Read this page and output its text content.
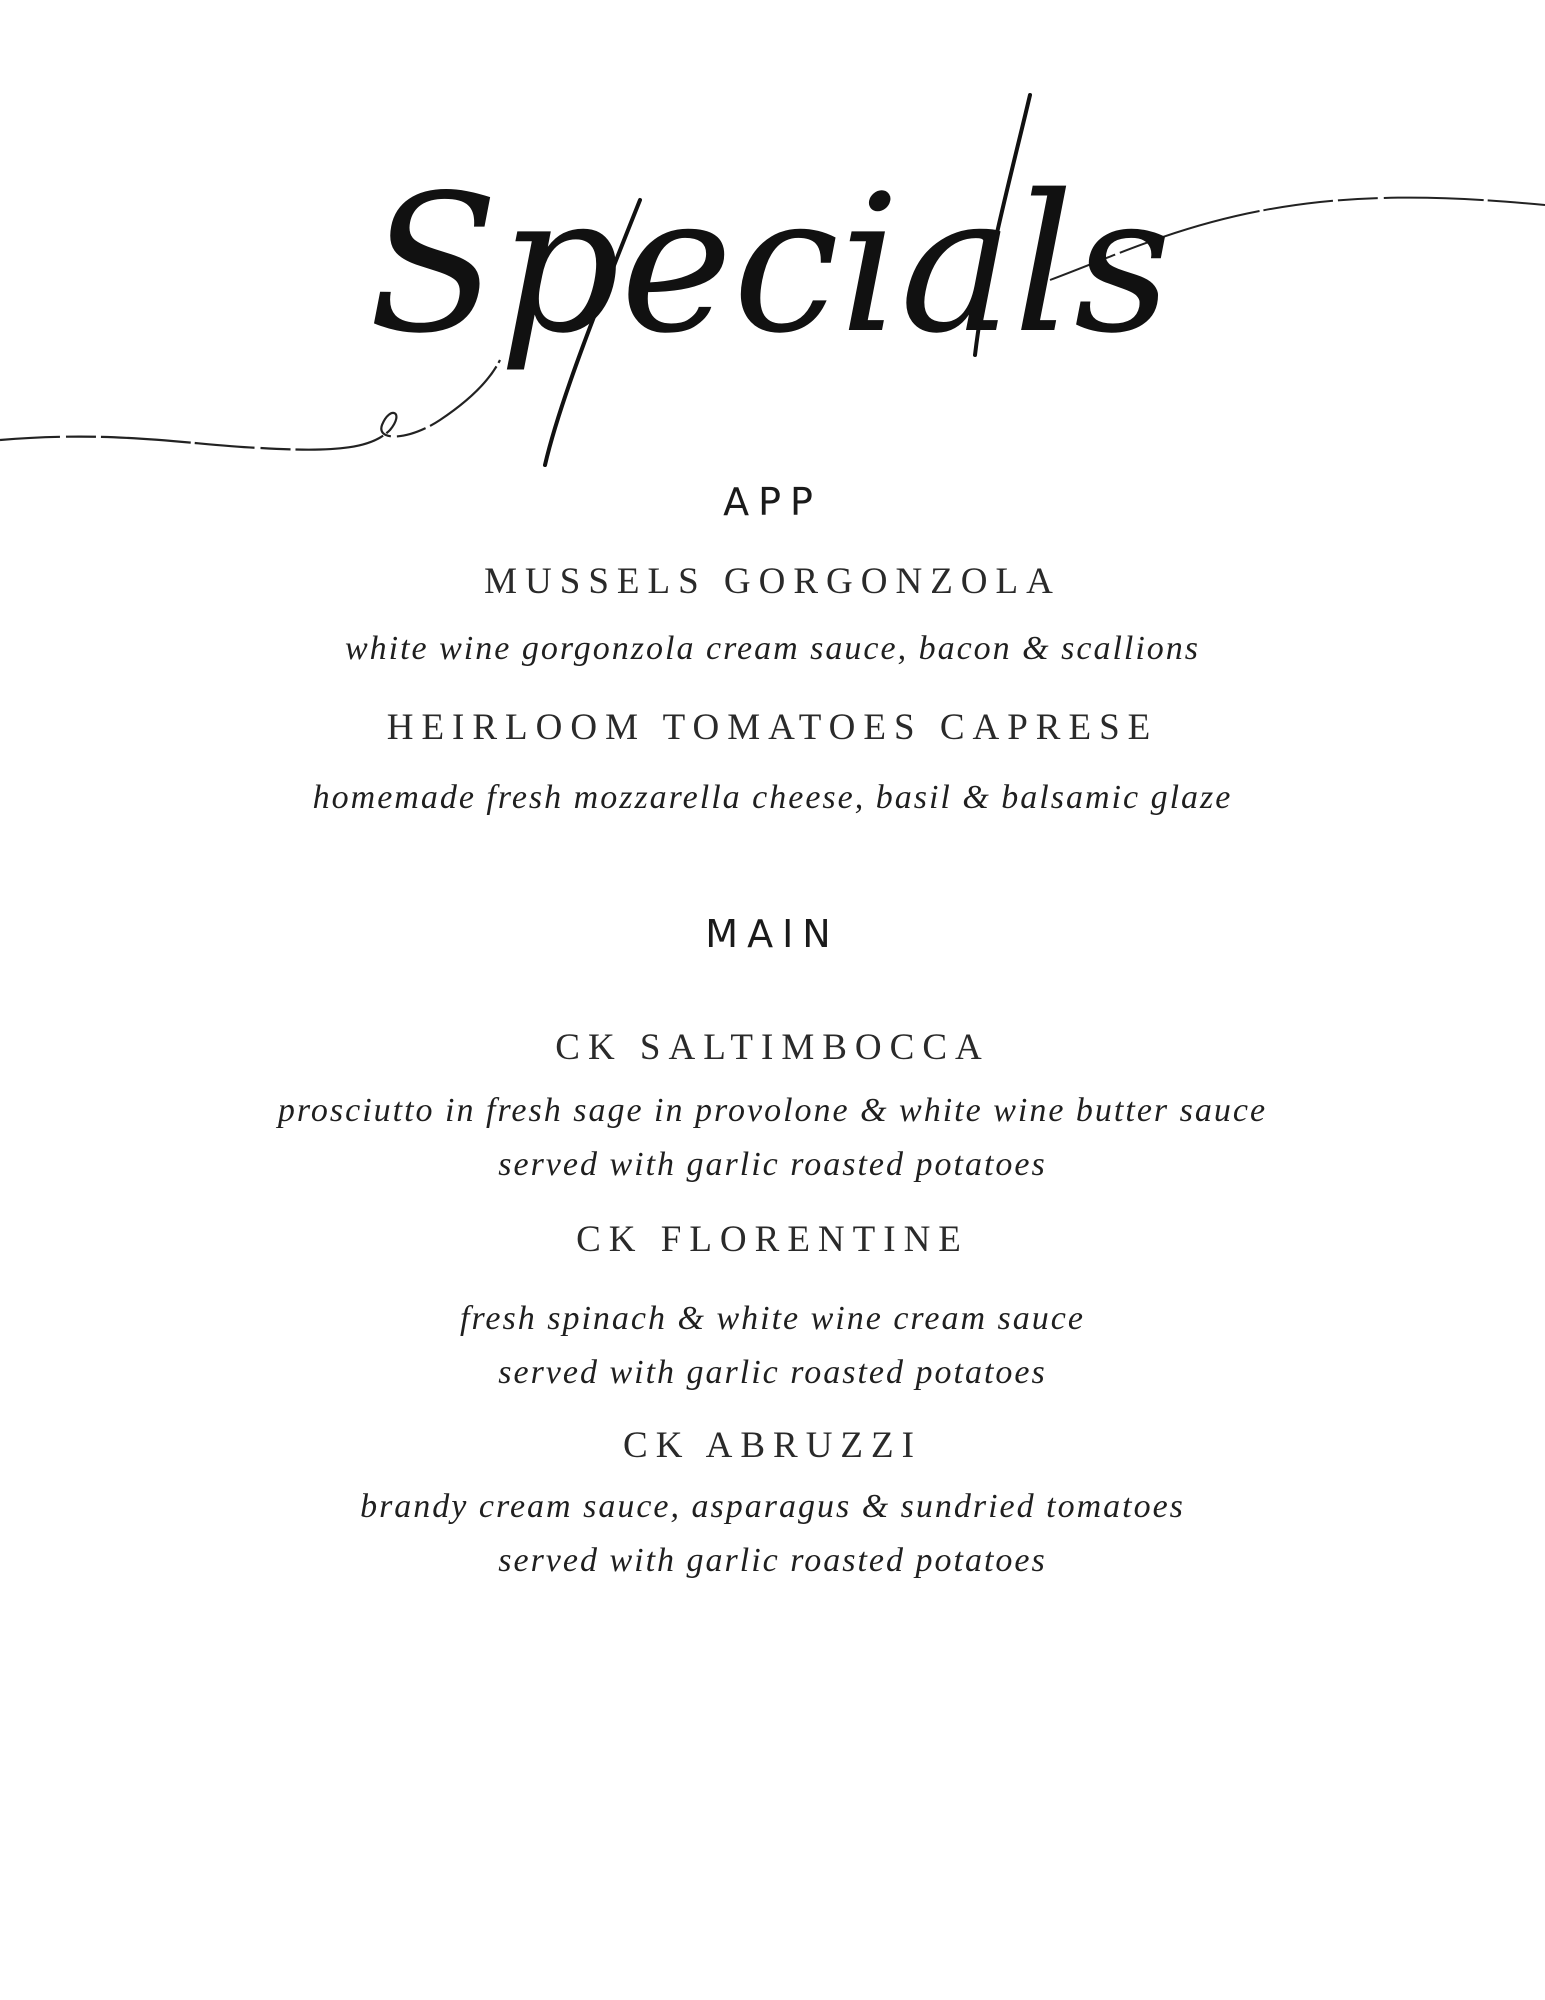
Specials
APP
MUSSELS GORGONZOLA
white wine gorgonzola cream sauce, bacon & scallions
HEIRLOOM TOMATOES CAPRESE
homemade fresh mozzarella cheese, basil & balsamic glaze
MAIN
CK SALTIMBOCCA
prosciutto in fresh sage in provolone & white wine butter sauce
served with garlic roasted potatoes
CK FLORENTINE
fresh spinach & white wine cream sauce
served with garlic roasted potatoes
CK ABRUZZI
brandy cream sauce, asparagus & sundried tomatoes
served with garlic roasted potatoes
